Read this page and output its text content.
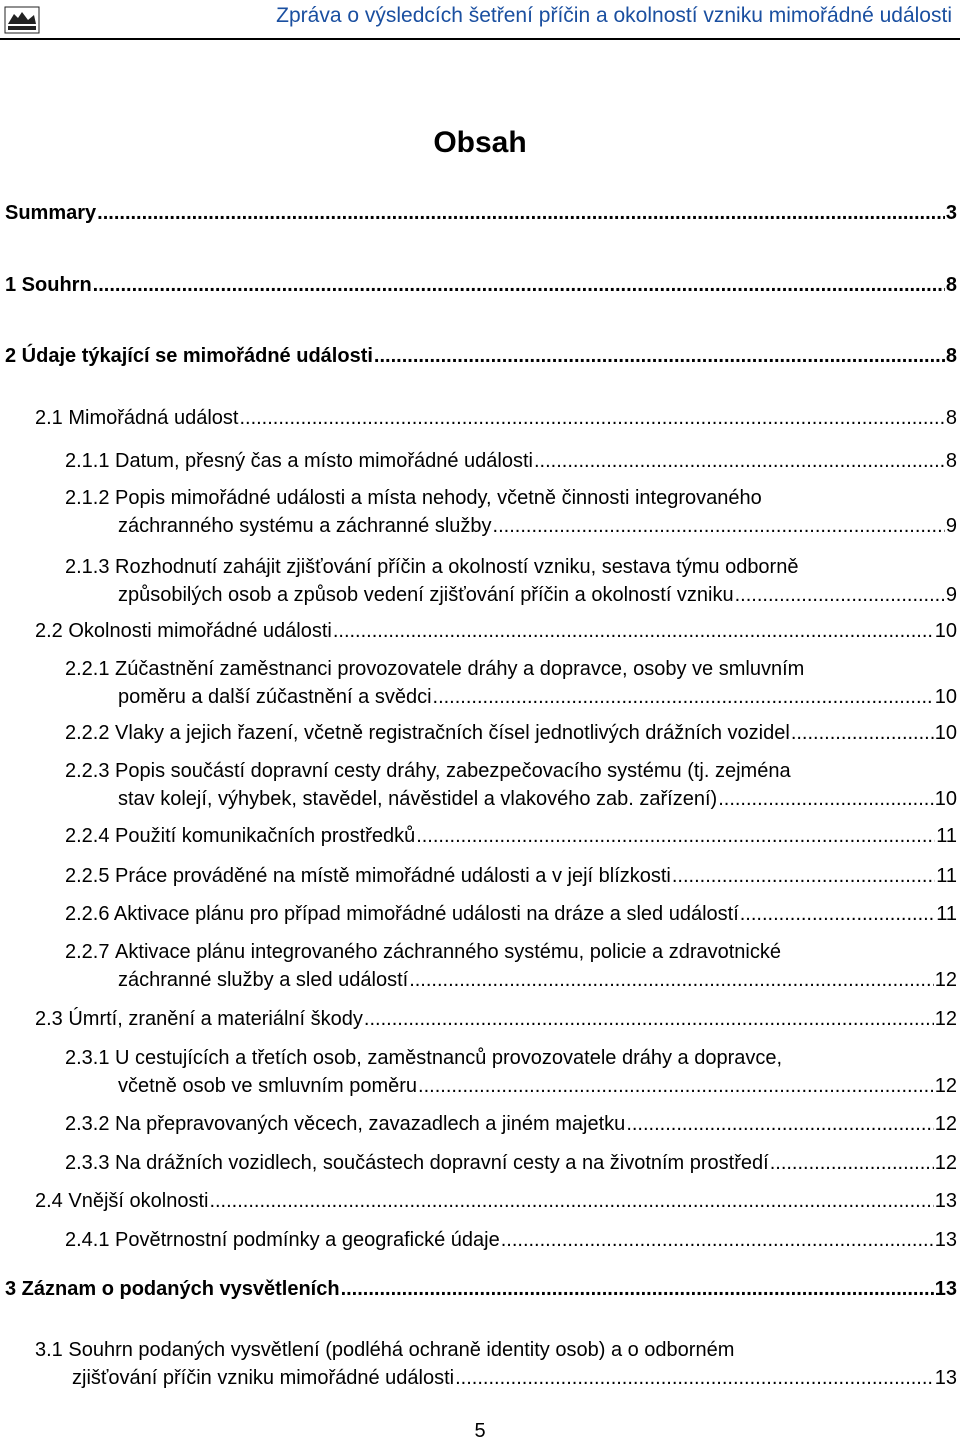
Zpráva o výsledcích šetření příčin a okolností vzniku mimořádné události
Obsah
Summary .....	3
1 Souhrn .....	8
2 Údaje týkající se mimořádné události .....	8
2.1 Mimořádná událost .....	8
2.1.1 Datum, přesný čas a místo mimořádné události .....	8
2.1.2
Popis mimořádné události a místa nehody, včetně činnosti integrovaného
záchranného systému a záchranné služby .....	9
2.1.3
Rozhodnutí zahájit zjišťování příčin a okolností vzniku, sestava týmu odborně
způsobilých osob a způsob vedení zjišťování příčin a okolností vzniku .....	9
2.2 Okolnosti mimořádné události .....	10
2.2.1
Zúčastnění zaměstnanci provozovatele dráhy a dopravce, osoby ve smluvním
poměru a další zúčastnění a svědci .....	10
2.2.2 Vlaky a jejich řazení, včetně registračních čísel jednotlivých drážních vozidel .....	10
2.2.3
Popis součástí dopravní cesty dráhy, zabezpečovacího systému (tj. zejména
stav kolejí, výhybek, stavědel, návěstidel a vlakového zab. zařízení) .....	10
2.2.4 Použití komunikačních prostředků .....	11
2.2.5 Práce prováděné na místě mimořádné události a v její blízkosti .....	11
2.2.6 Aktivace plánu pro případ mimořádné události na dráze a sled událostí .....	11
2.2.7
Aktivace plánu integrovaného záchranného systému, policie a zdravotnické
záchranné služby a sled událostí .....	12
2.3 Úmrtí, zranění a materiální škody .....	12
2.3.1
U cestujících a třetích osob, zaměstnanců provozovatele dráhy a dopravce,
včetně osob ve smluvním poměru .....	12
2.3.2 Na přepravovaných věcech, zavazadlech a jiném majetku .....	12
2.3.3 Na drážních vozidlech, součástech dopravní cesty a na životním prostředí .....	12
2.4 Vnější okolnosti .....	13
2.4.1 Povětrnostní podmínky a geografické údaje .....	13
3 Záznam o podaných vysvětleních .....	13
3.1
Souhrn podaných vysvětlení (podléhá ochraně identity osob) a o odborném
zjišťování příčin vzniku mimořádné události .....	13
5
